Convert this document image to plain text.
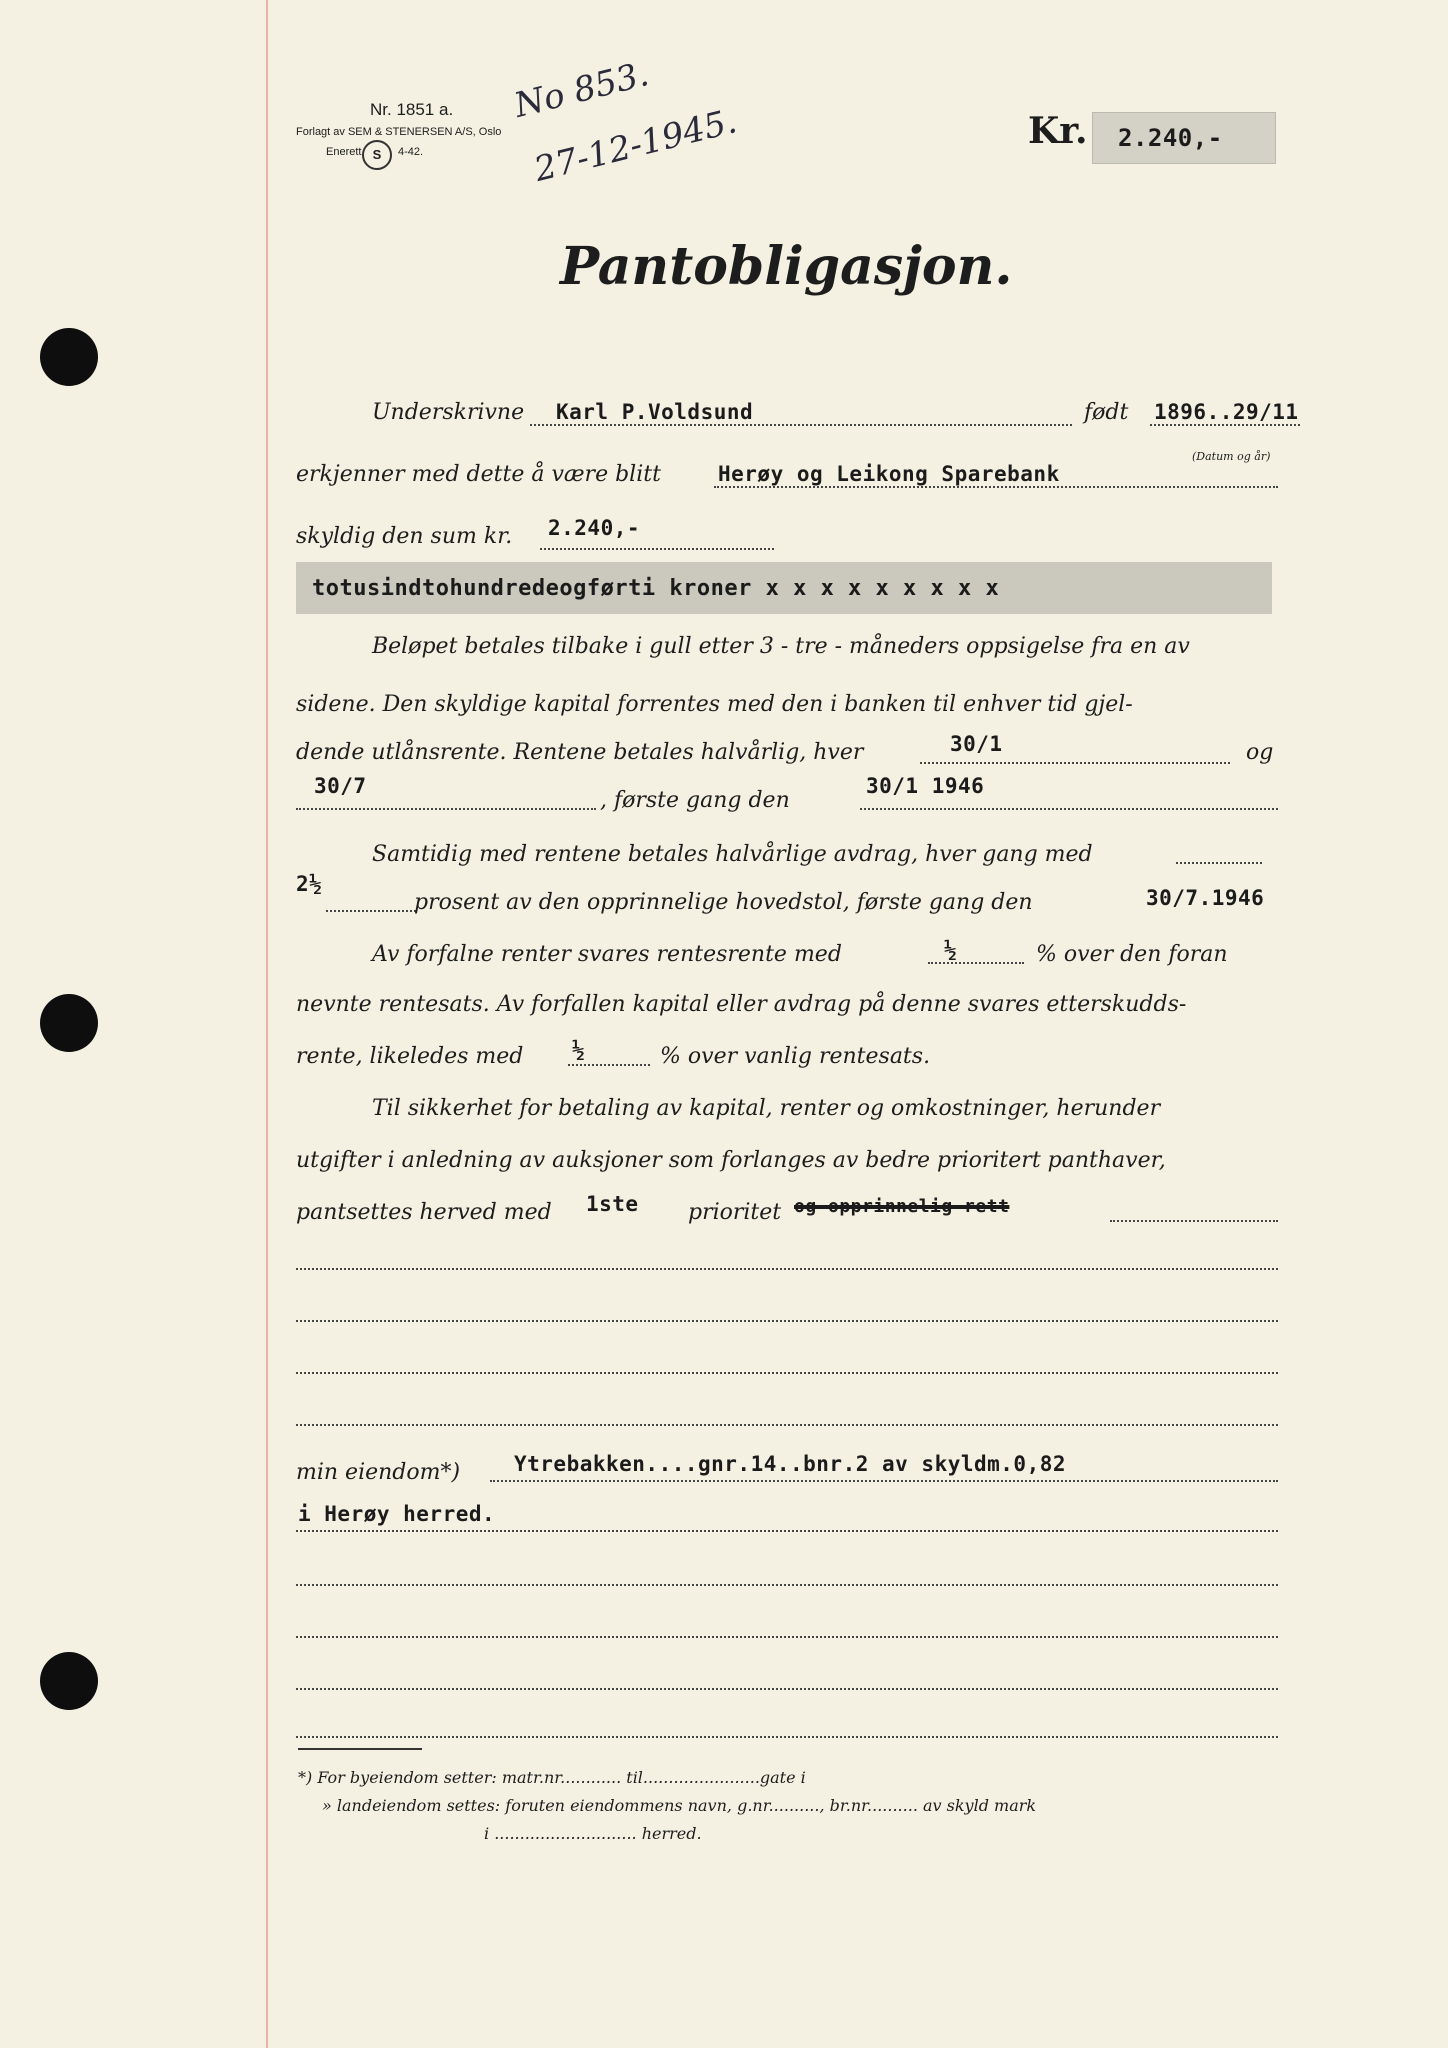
Nr. 1851 a.
Forlagt av SEM & STENERSEN A/S, Oslo
Enerett S	4-42.
No 853.
27-12-1945.	Kr. 2.240,-
Pantobligasjon.
Underskrivne Karl P.Voldsund	født 1896..29/11
erkjenner med dette å være blitt	Herøy og Leikong Sparebank
(Datum og år)
skyldig den sum kr. 2.240,-
totusindtohundredeogførti kroner x x x x x x x x x
Beløpet betales tilbake i gull etter 3 - tre - måneders oppsigelse fra en av
sidene. Den skyldige kapital forrentes med den i banken til enhver tid gjel-
dende utlånsrente. Rentene betales halvårlig, hver	30/1	og
30/7
, første gang den
30/1 1946
Samtidig med rentene betales halvårlige avdrag, hver gang med
2½
prosent av den opprinnelige hovedstol, første gang den	30/7.1946
Av forfalne renter svares rentesrente med	½	% over den foran
nevnte rentesats. Av forfallen kapital eller avdrag på denne svares etterskudds-
rente, likeledes med ½	% over vanlig rentesats.
Til sikkerhet for betaling av kapital, renter og omkostninger, herunder
utgifter i anledning av auksjoner som forlanges av bedre prioritert panthaver,
pantsettes herved med 1ste prioritet og opprinnelig rett
min eiendom*)	Ytrebakken....gnr.14..bnr.2 av skyldm.0,82
i Herøy herred.
*) For byeiendom setter: matr.nr............ til.......................gate i
» landeiendom settes: foruten eiendommens navn, g.nr.........., br.nr.......... av skyld mark
i ............................ herred.
